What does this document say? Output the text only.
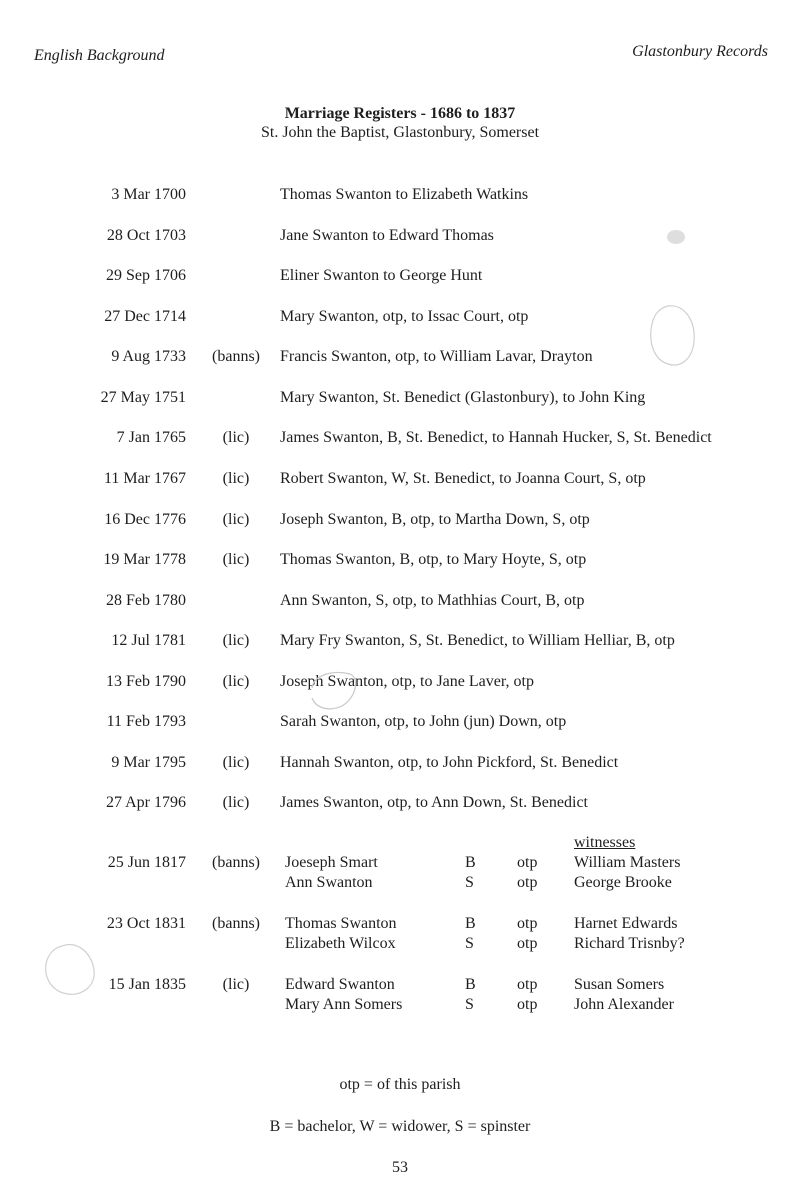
English Background	Glastonbury Records
Marriage Registers - 1686 to 1837
St. John the Baptist, Glastonbury, Somerset
3 Mar 1700	Thomas Swanton to Elizabeth Watkins
28 Oct 1703	Jane Swanton to Edward Thomas
29 Sep 1706	Eliner Swanton to George Hunt
27 Dec 1714	Mary Swanton, otp, to Issac Court, otp
9 Aug 1733 (banns) Francis Swanton, otp, to William Lavar, Drayton
27 May 1751	Mary Swanton, St. Benedict (Glastonbury), to John King
7 Jan 1765 (lic) James Swanton, B, St. Benedict, to Hannah Hucker, S, St. Benedict
11 Mar 1767 (lic) Robert Swanton, W, St. Benedict, to Joanna Court, S, otp
16 Dec 1776 (lic) Joseph Swanton, B, otp, to Martha Down, S, otp
19 Mar 1778 (lic) Thomas Swanton, B, otp, to Mary Hoyte, S, otp
28 Feb 1780	Ann Swanton, S, otp, to Mathhias Court, B, otp
12 Jul 1781 (lic) Mary Fry Swanton, S, St. Benedict, to William Helliar, B, otp
13 Feb 1790 (lic) Joseph Swanton, otp, to Jane Laver, otp
11 Feb 1793	Sarah Swanton, otp, to John (jun) Down, otp
9 Mar 1795 (lic) Hannah Swanton, otp, to John Pickford, St. Benedict
27 Apr 1796 (lic) James Swanton, otp, to Ann Down, St. Benedict
witnesses
25 Jun 1817 (banns) Joeseph Smart	B	otp William Masters
Ann Swanton	S	otp George Brooke
23 Oct 1831 (banns) Thomas Swanton	B	otp Harnet Edwards
Elizabeth Wilcox	S	otp Richard Trisnby?
15 Jan 1835 (lic) Edward Swanton	B	otp Susan Somers
Mary Ann Somers	S	otp John Alexander
otp = of this parish
B = bachelor, W = widower, S = spinster
53
